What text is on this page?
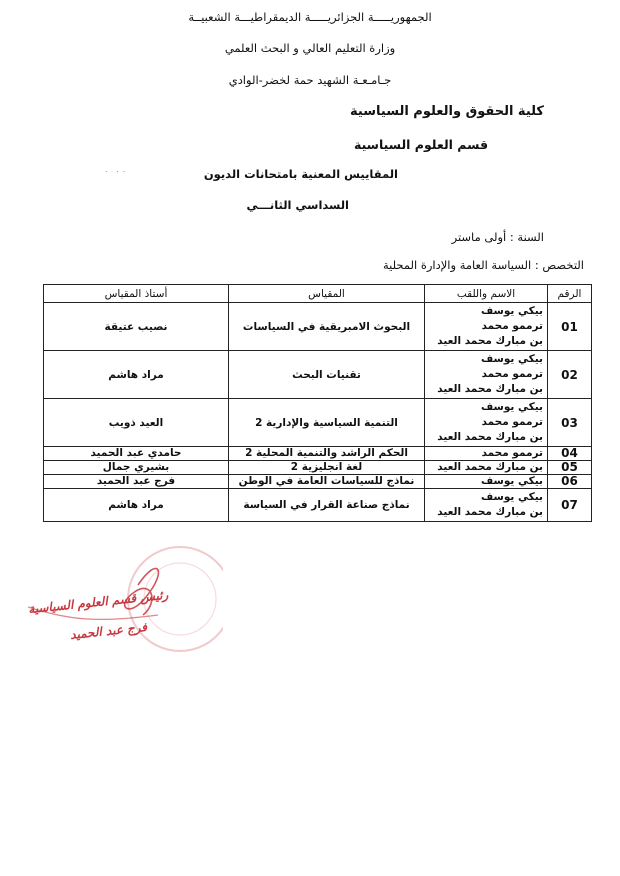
الجمهوريـــــة الجزائريـــــة الديمقراطيـــة الشعبيــة
وزارة التعليم العالي و البحث العلمي
جـامـعـة الشهيد حمة لخضر-الوادي
كلية الحقوق والعلوم السياسية
قسم العلوم السياسية
˙˙ ˙	المقاييس المعنية بامتحانات الديون
السداسي الثانـــي
السنة : أولى ماستر
التخصص : السياسة العامة والإدارة المحلية
الرقم	الاسم واللقب	المقياس	أستاذ المقياس
01	بيكي يوسف
ترممو محمد
بن مبارك محمد العيد	البحوث الامبريقية في السياسات	نصيب عتيقة
02	بيكي يوسف
ترممو محمد
بن مبارك محمد العيد	تقنيات البحث	مراد هاشم
03	بيكي يوسف
ترممو محمد
بن مبارك محمد العيد	التنمية السياسية والإدارية 2	العيد ذويب
04	ترممو محمد	الحكم الراشد والتنمية المحلية 2	حامدي عبد الحميد
05	بن مبارك محمد العيد	لغة انجليزية 2	بشيري جمال
06	بيكي يوسف	نماذج للسياسات العامة في الوطن	فرج عبد الحميد
07	بيكي يوسف
بن مبارك محمد العيد	نماذج صناعة القرار في السياسة	مراد هاشم
رئيس قسم العلوم السياسية
فرج عبد الحميد
